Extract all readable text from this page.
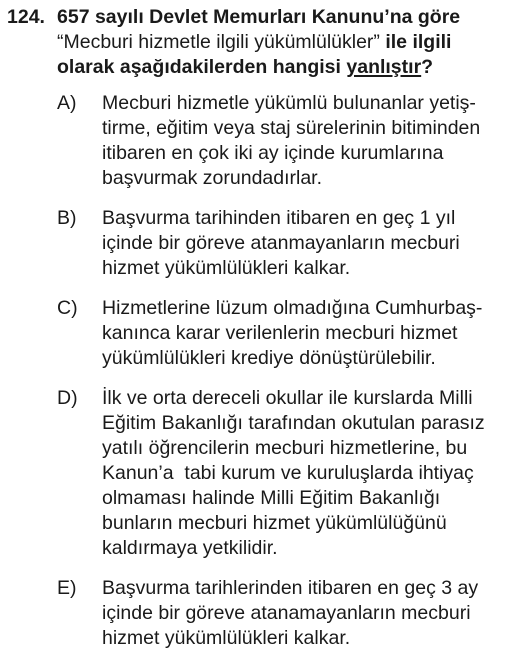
124. 657 sayılı Devlet Memurları Kanunu’na göre
“Mecburi hizmetle ilgili yükümlülükler” ile ilgili
olarak aşağıdakilerden hangisi yanlıştır?
A)	Mecburi hizmetle yükümlü bulunanlar yetiş-
tirme, eğitim veya staj sürelerinin bitiminden
itibaren en çok iki ay içinde kurumlarına
başvurmak zorundadırlar.
B)	Başvurma tarihinden itibaren en geç 1 yıl
içinde bir göreve atanmayanların mecburi
hizmet yükümlülükleri kalkar.
C)	Hizmetlerine lüzum olmadığına Cumhurbaş-
kanınca karar verilenlerin mecburi hizmet
yükümlülükleri krediye dönüştürülebilir.
D)	İlk ve orta dereceli okullar ile kurslarda Milli
Eğitim Bakanlığı tarafından okutulan parasız
yatılı öğrencilerin mecburi hizmetlerine, bu
Kanun’a  tabi kurum ve kuruluşlarda ihtiyaç
olmaması halinde Milli Eğitim Bakanlığı
bunların mecburi hizmet yükümlülüğünü
kaldırmaya yetkilidir.
E)	Başvurma tarihlerinden itibaren en geç 3 ay
içinde bir göreve atanamayanların mecburi
hizmet yükümlülükleri kalkar.
